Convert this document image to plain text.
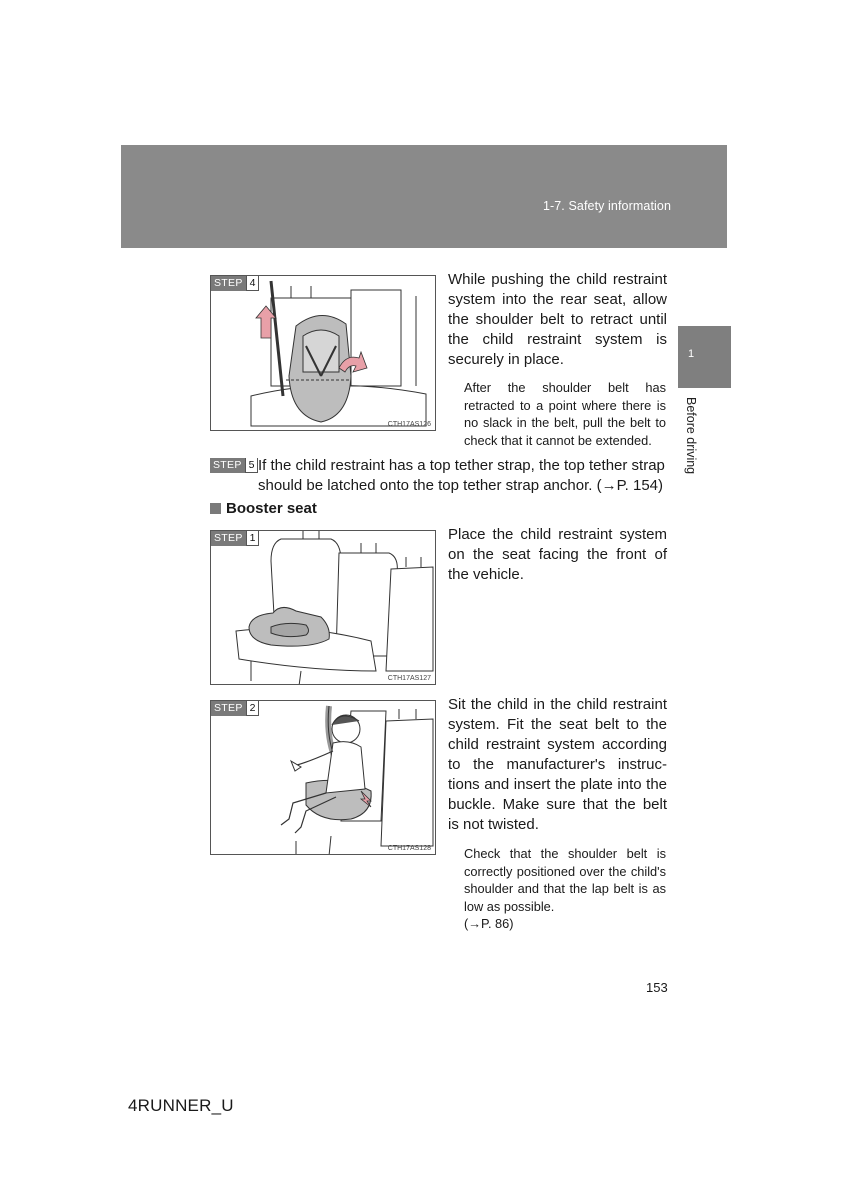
1-7. Safety information
1
Before driving
STEP 4
CTH17AS126
While pushing the child restraint system into the rear seat, allow the shoulder belt to retract until the child restraint system is securely in place.
After the shoulder belt has retracted to a point where there is no slack in the belt, pull the belt to check that it cannot be extended.
STEP 5 If the child restraint has a top tether strap, the top tether strap should be latched onto the top tether strap anchor. (→P. 154)
Booster seat
STEP 1
CTH17AS127
Place the child restraint system on the seat facing the front of the vehicle.
STEP 2
CTH17AS128
Sit the child in the child restraint system. Fit the seat belt to the child restraint system according to the manufacturer's instruc-tions and insert the plate into the buckle. Make sure that the belt is not twisted.
Check that the shoulder belt is correctly positioned over the child's shoulder and that the lap belt is as low as possible.
(→P. 86)
153
4RUNNER_U
